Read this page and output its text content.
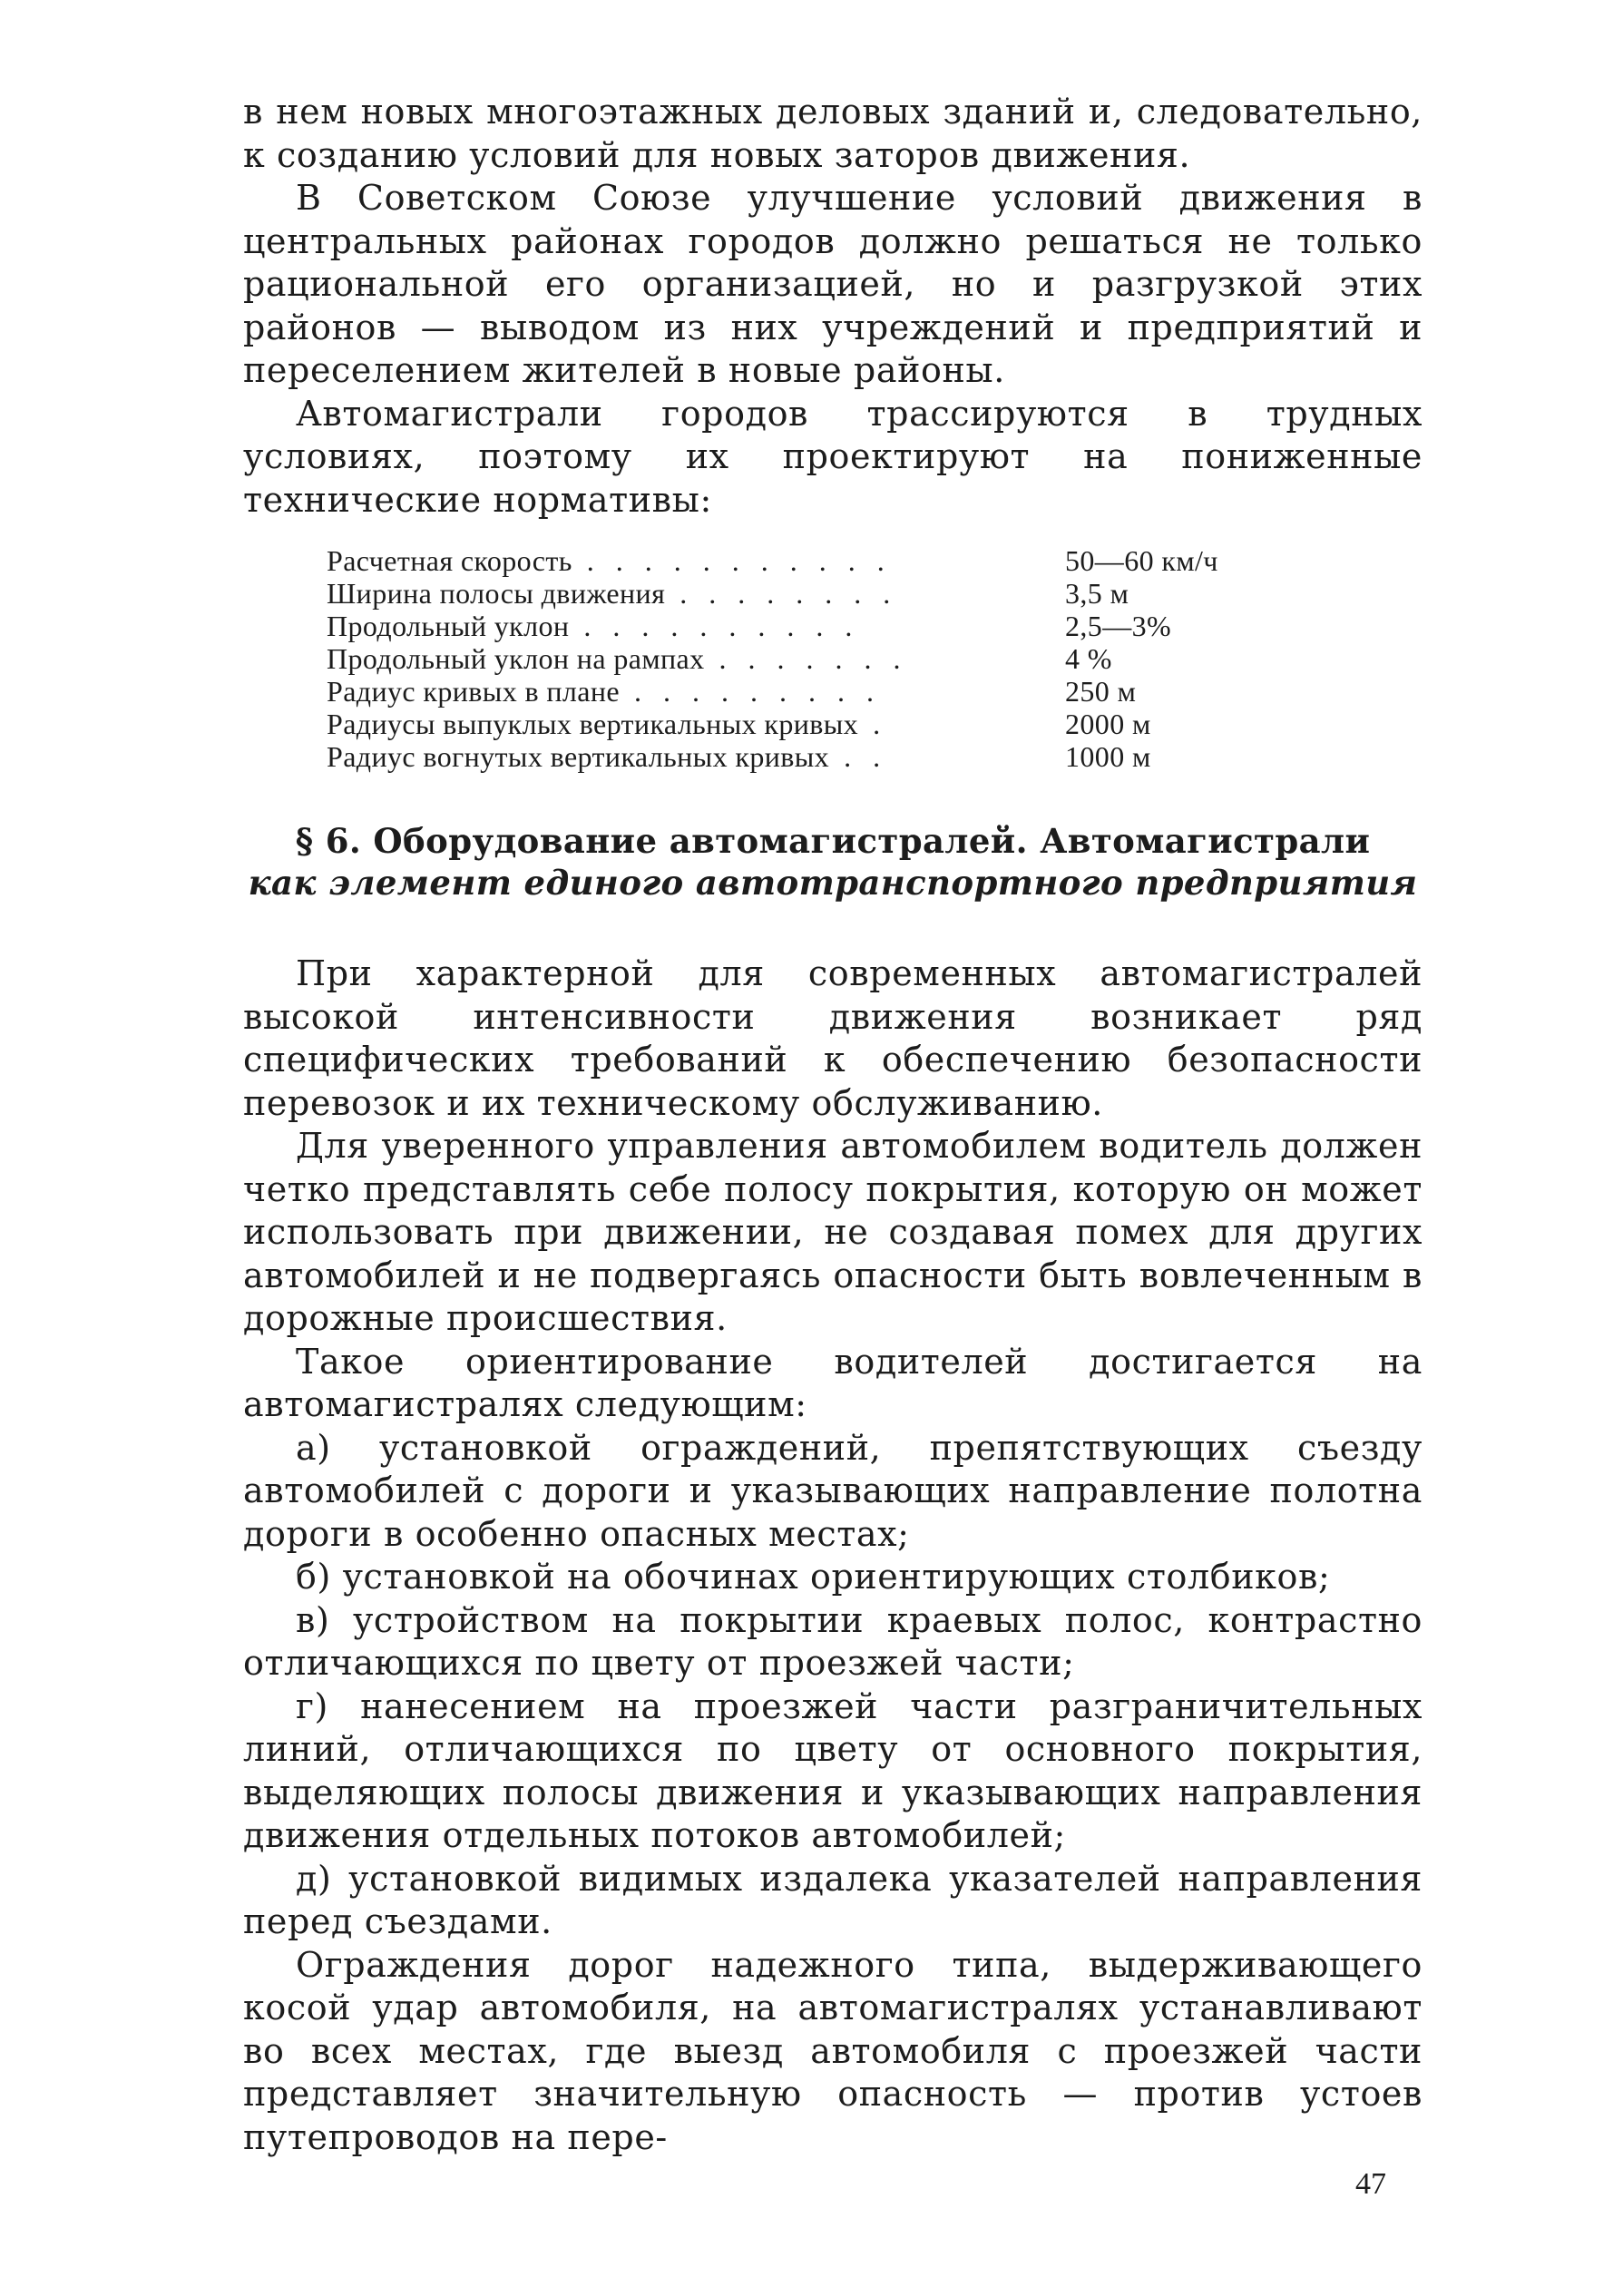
в нем новых многоэтажных деловых зданий и, следовательно, к созданию условий для новых заторов движения.

В Советском Союзе улучшение условий движения в центральных районах городов должно решаться не только рациональной его организацией, но и разгрузкой этих районов — выводом из них учреждений и предприятий и переселением жителей в новые районы.

Автомагистрали городов трассируются в трудных условиях, поэтому их проектируют на пониженные технические нормативы:

Расчетная скорость . . . . . . . . . . .	50—60 км/ч
Ширина полосы движения . . . . . . . .	3,5 м
Продольный уклон . . . . . . . . . .	2,5—3%
Продольный уклон на рампах . . . . . . .	4 %
Радиус кривых в плане . . . . . . . . .	250 м
Радиусы выпуклых вертикальных кривых .	2000 м
Радиус вогнутых вертикальных кривых . .	1000 м
§ 6. Оборудование автомагистралей. Автомагистрали
как элемент единого автотранспортного предприятия

При характерной для современных автомагистралей высокой интенсивности движения возникает ряд специфических требований к обеспечению безопасности перевозок и их техническому обслуживанию.

Для уверенного управления автомобилем водитель должен четко представлять себе полосу покрытия, которую он может использовать при движении, не создавая помех для других автомобилей и не подвергаясь опасности быть вовлеченным в дорожные происшествия.

Такое ориентирование водителей достигается на автомагистралях следующим:

а) установкой ограждений, препятствующих съезду автомобилей с дороги и указывающих направление полотна дороги в особенно опасных местах;

б) установкой на обочинах ориентирующих столбиков;

в) устройством на покрытии краевых полос, контрастно отличающихся по цвету от проезжей части;

г) нанесением на проезжей части разграничительных линий, отличающихся по цвету от основного покрытия, выделяющих полосы движения и указывающих направления движения отдельных потоков автомобилей;

д) установкой видимых издалека указателей направления перед съездами.

Ограждения дорог надежного типа, выдерживающего косой удар автомобиля, на автомагистралях устанавливают во всех местах, где выезд автомобиля с проезжей части представляет значительную опасность — против устоев путепроводов на пере-

47
